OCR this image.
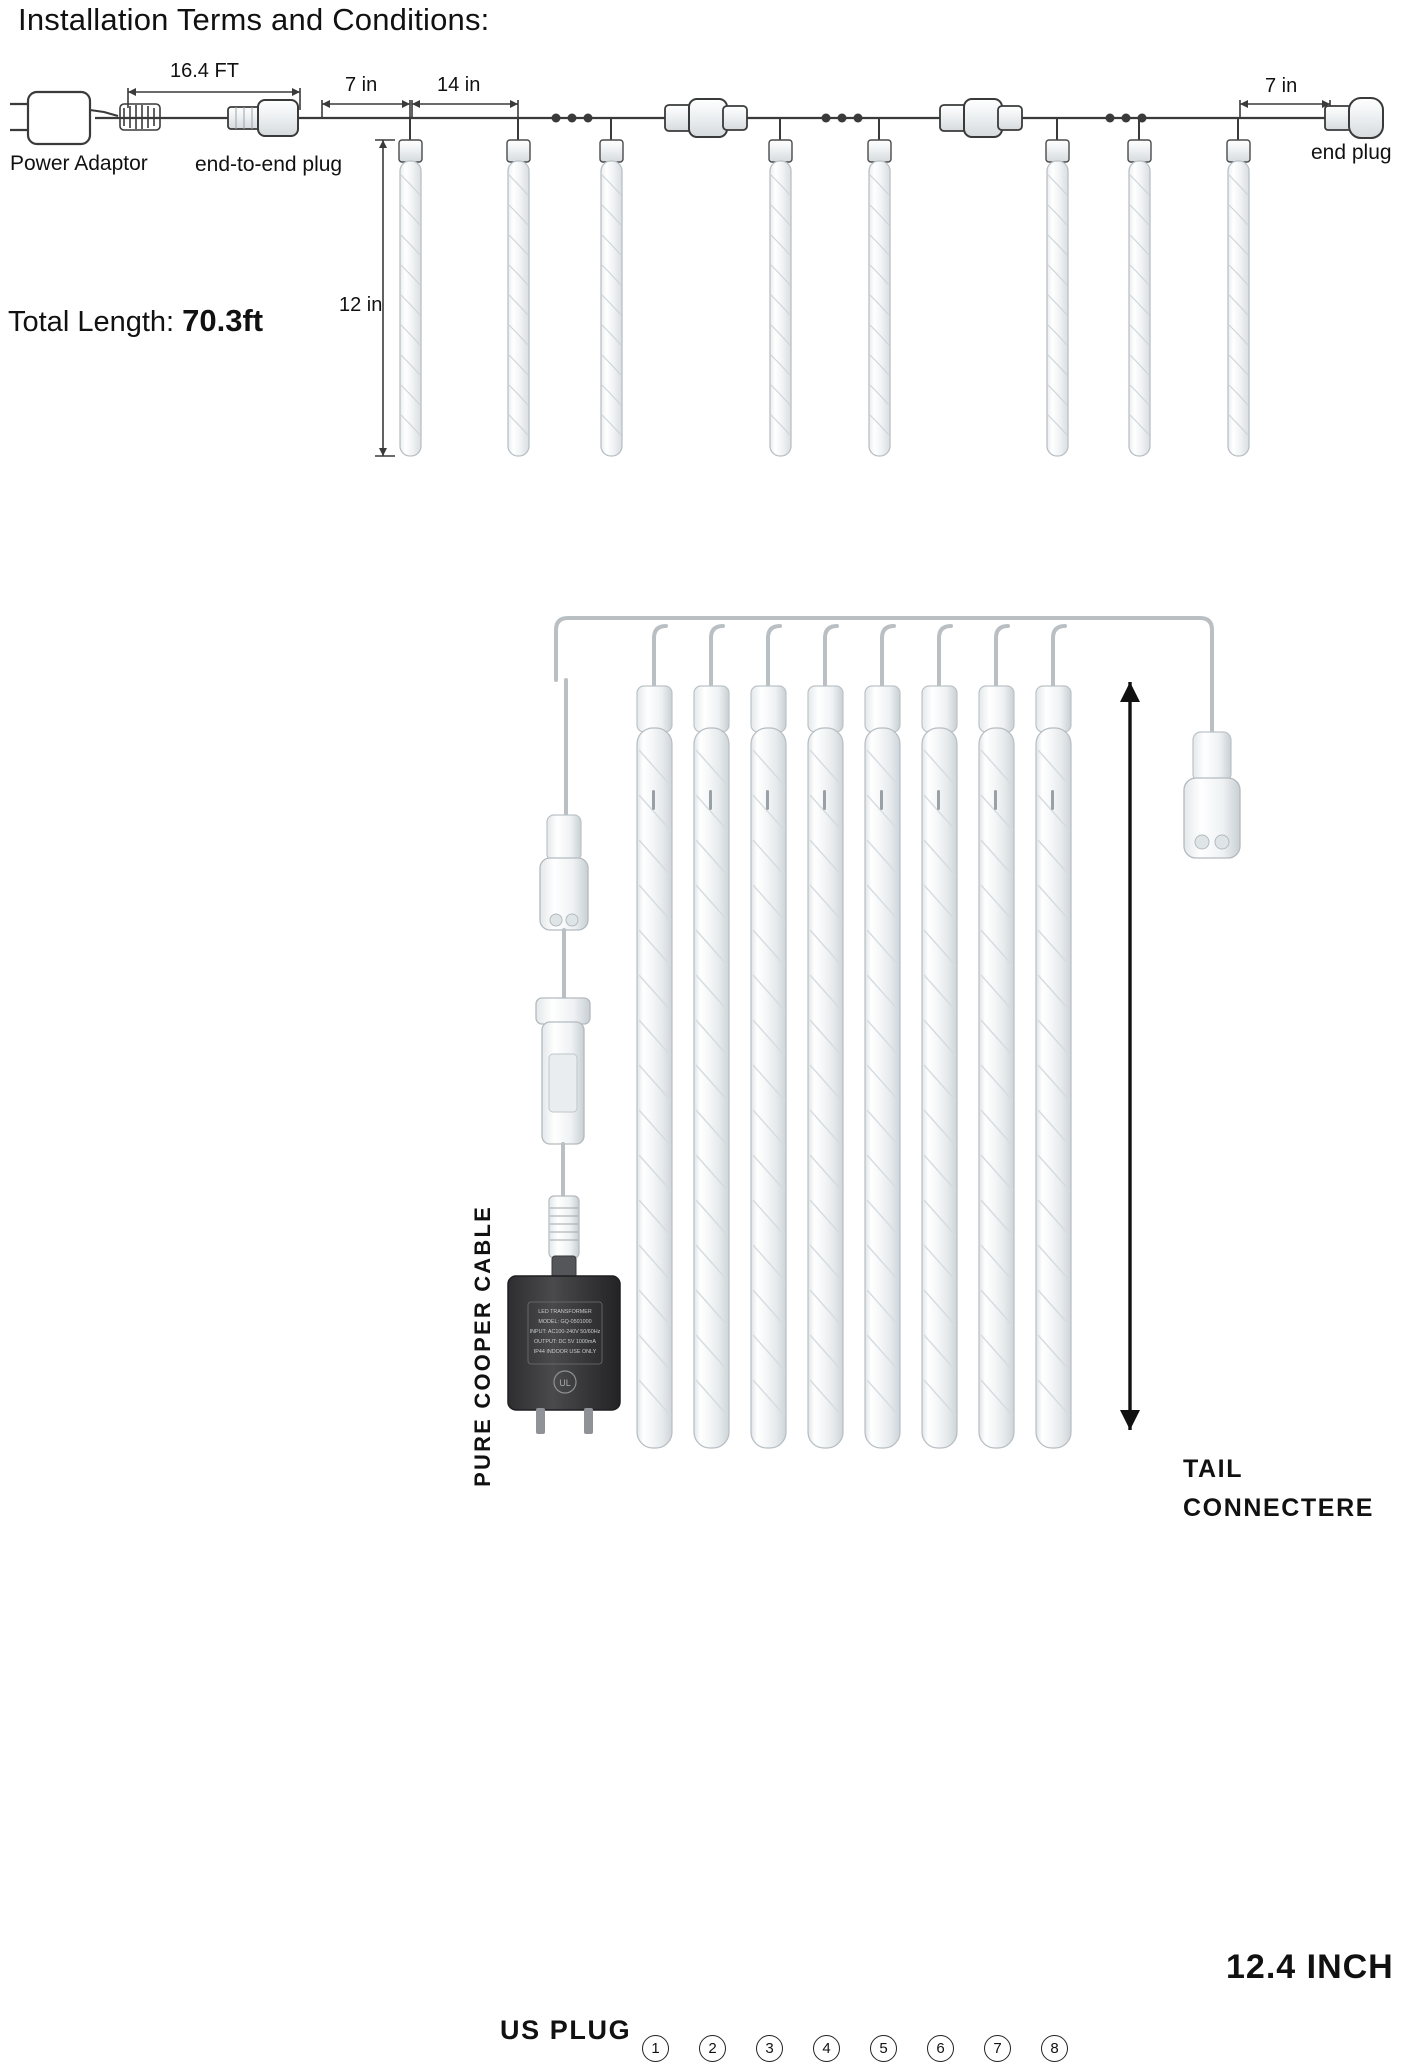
Installation Terms and Conditions:
16.4 FT
7 in	14 in	7 in
12 in
Power Adaptor end-to-end plug
end plug
Total Length: 70.3ft
LED TRANSFORMER
MODEL: GQ-0501000
INPUT: AC100-240V 50/60Hz
OUTPUT: DC 5V 1000mA
IP44 INDOOR USE ONLY
UL
PURE COOPER CABLE	TAIL
CONNECTERE
12.4 INCH
US PLUG
1	2	3	4	5	6	7	8
